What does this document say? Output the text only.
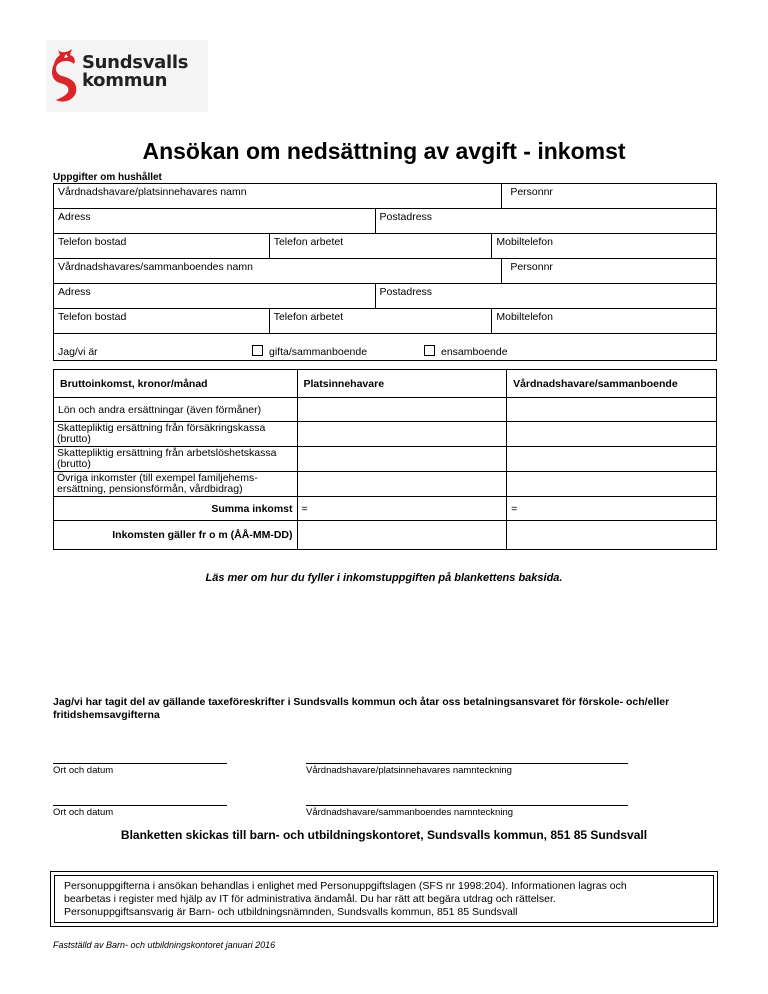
Sundsvalls
kommun
Ansökan om nedsättning av avgift - inkomst
Uppgifter om hushållet
Vårdnadshavare/platsinnehavares namn				Personnr
Adress		Postadress		
Telefon bostad	Telefon arbetet		Mobiltelefon	
Vårdnadshavares/sammanboendes namn				Personnr
Adress		Postadress		
Telefon bostad	Telefon arbetet		Mobiltelefon	
Jag/vi är gifta/sammanboende ensamboende				
Bruttoinkomst, kronor/månad	Platsinnehavare	Vårdnadshavare/sammanboende
Lön och andra ersättningar (även förmåner)		
Skattepliktig ersättning från försäkringskassa (brutto)		
Skattepliktig ersättning från arbetslöshetskassa (brutto)		
Övriga inkomster (till exempel familjehems-ersättning, pensionsförmån, vårdbidrag)		
Summa inkomst	=	=
Inkomsten gäller fr o m (ÅÅ-MM-DD)		
Läs mer om hur du fyller i inkomstuppgiften på blankettens baksida.
Jag/vi har tagit del av gällande taxeföreskrifter i Sundsvalls kommun och åtar oss betalningsansvaret för förskole- och/eller fritidshemsavgifterna
Ort och datum	Vårdnadshavare/platsinnehavares namnteckning
Ort och datum	Vårdnadshavare/sammanboendes namnteckning
Blanketten skickas till barn- och utbildningskontoret, Sundsvalls kommun, 851 85 Sundsvall
Personuppgifterna i ansökan behandlas i enlighet med Personuppgiftslagen (SFS nr 1998:204). Informationen lagras och
bearbetas i register med hjälp av IT för administrativa ändamål. Du har rätt att begära utdrag och rättelser.
Personuppgiftsansvarig är Barn- och utbildningsnämnden, Sundsvalls kommun, 851 85 Sundsvall
Fastställd av Barn- och utbildningskontoret januari 2016
